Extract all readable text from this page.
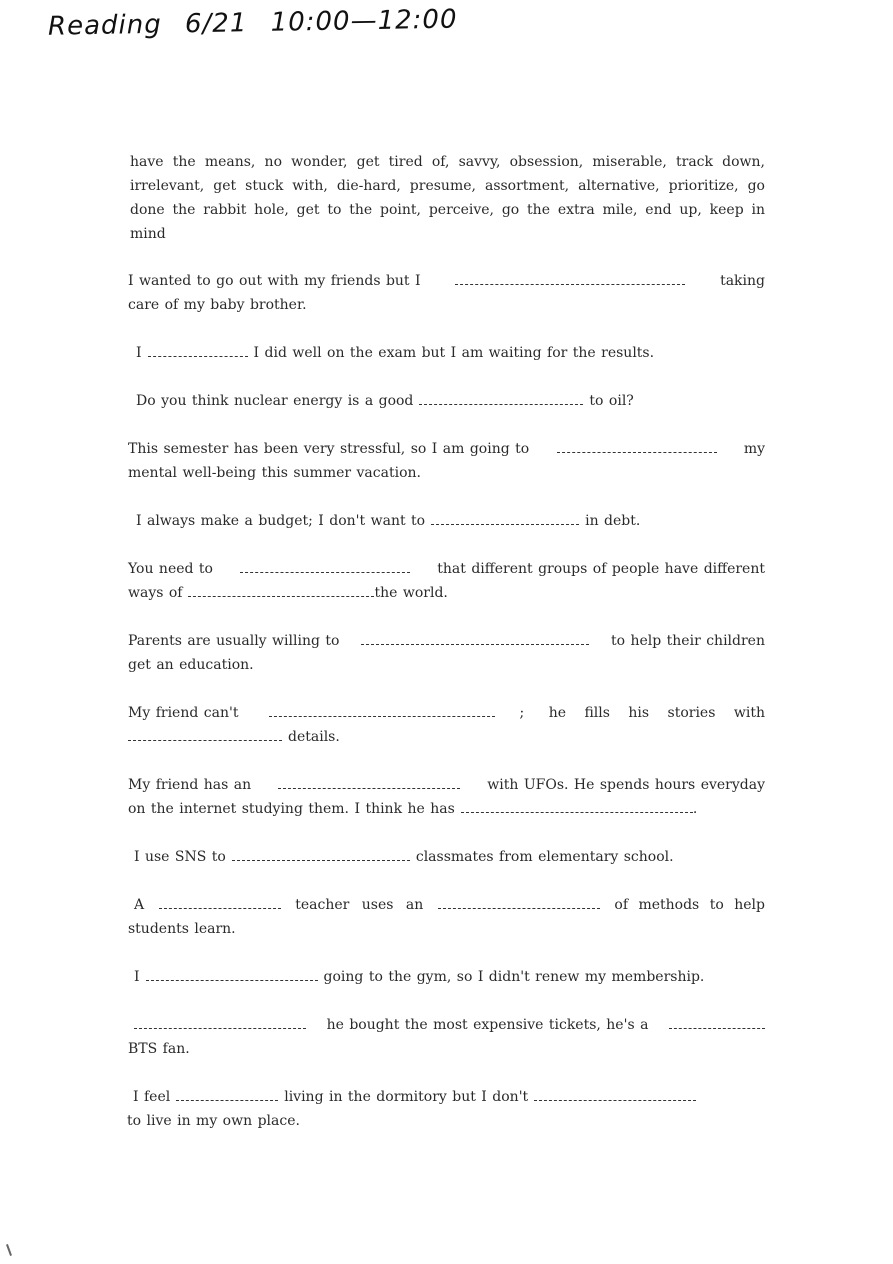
Reading 6/21 10:00—12:00
have the means, no wonder, get tired of, savvy, obsession, miserable, track down, irrelevant, get stuck with, die-hard, presume, assortment, alternative, prioritize, go done the rabbit hole, get to the point, perceive, go the extra mile, end up, keep in mind
I wanted to go out with my friends but I	taking
care of my baby brother.
I	I did well on the exam but I am waiting for the results.
Do you think nuclear energy is a good	to oil?
This semester has been very stressful, so I am going to	my
mental well-being this summer vacation.
I always make a budget; I don't want to	in debt.
You need to	that different groups of people have different
ways of	the world.
Parents are usually willing to	to help their children
get an education.
My friend can't	; he fills his stories with
details.
My friend has an	with UFOs. He spends hours everyday
on the internet studying them. I think he has	.
I use SNS to	classmates from elementary school.
A	teacher uses an	of methods to help
students learn.
I	going to the gym, so I didn't renew my membership.
he bought the most expensive tickets, he's a
BTS fan.
I feel	living in the dormitory but I don't
to live in my own place.
